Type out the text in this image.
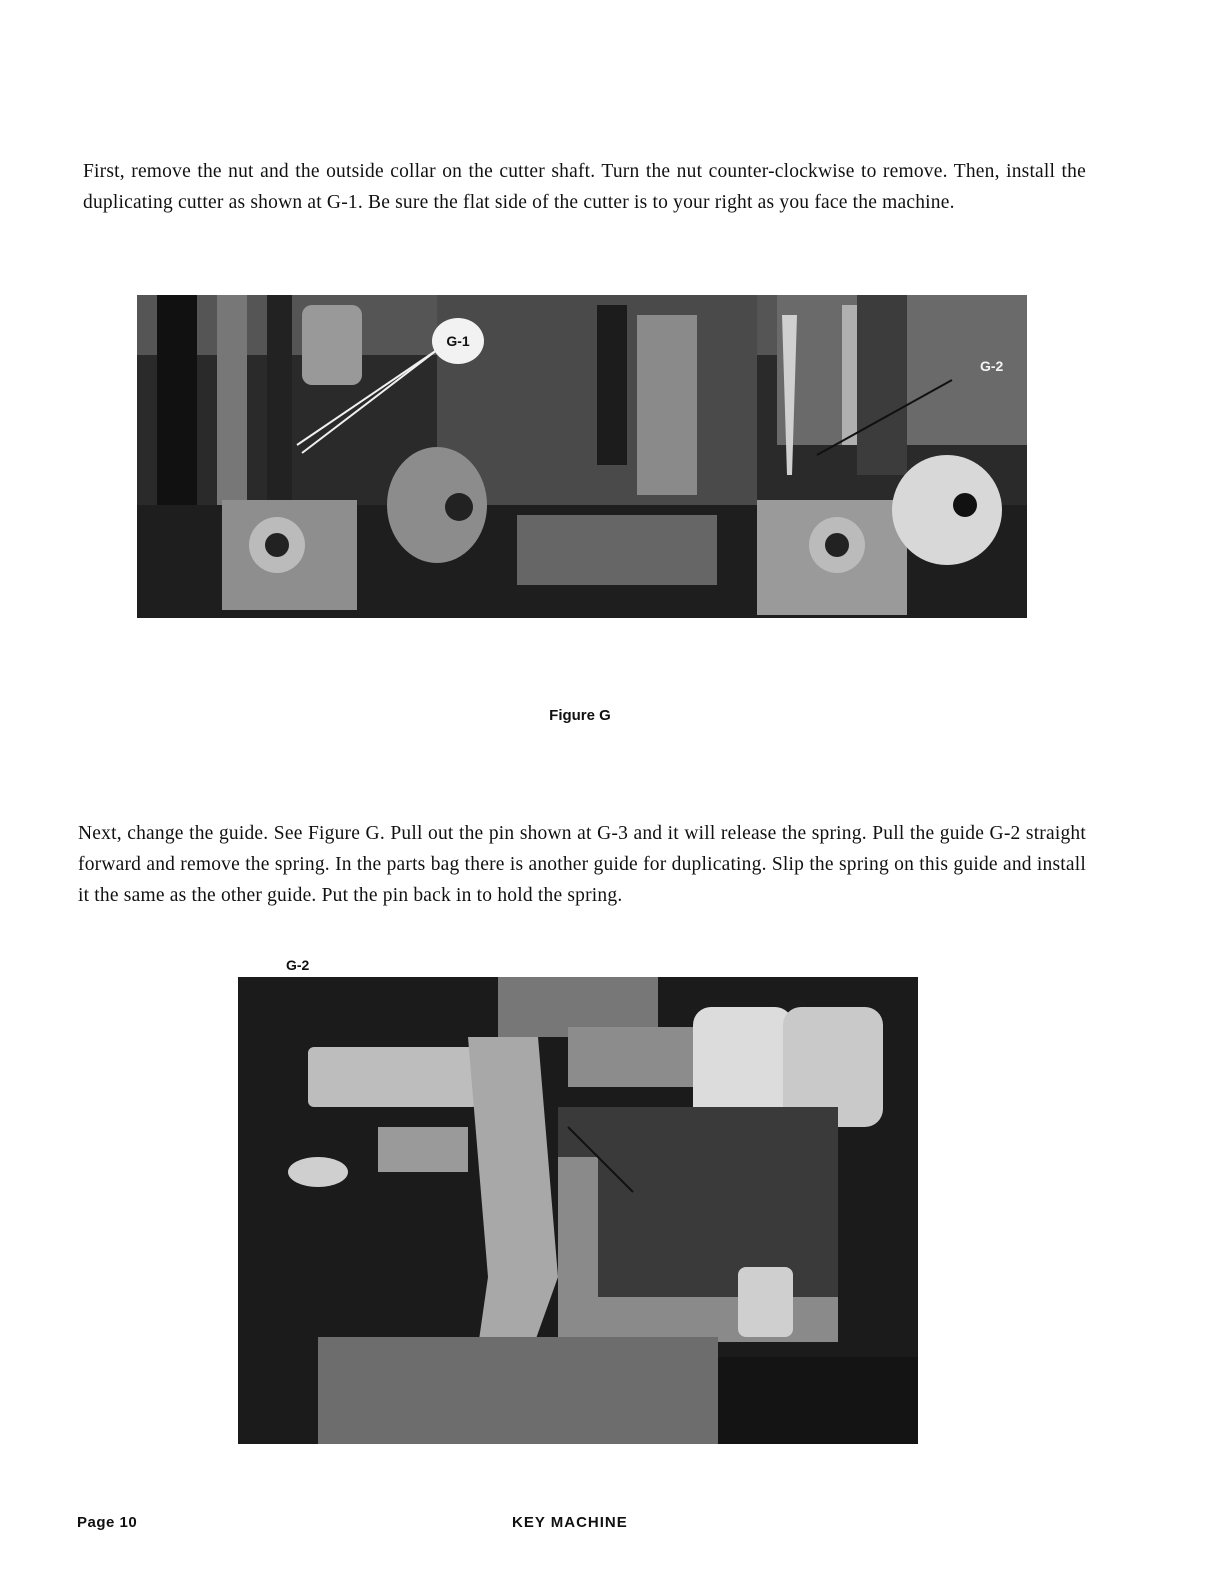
First, remove the nut and the outside collar on the cutter shaft. Turn the nut counter-clockwise to remove. Then, install the duplicating cutter as shown at G-1. Be sure the flat side of the cutter is to your right as you face the machine.

G-1
G-2

Figure G

Next, change the guide. See Figure G. Pull out the pin shown at G-3 and it will release the spring. Pull the guide G-2 straight forward and remove the spring. In the parts bag there is another guide for duplicating. Slip the spring on this guide and install it the same as the other guide. Put the pin back in to hold the spring.

G-2
Page 10	KEY MACHINE
